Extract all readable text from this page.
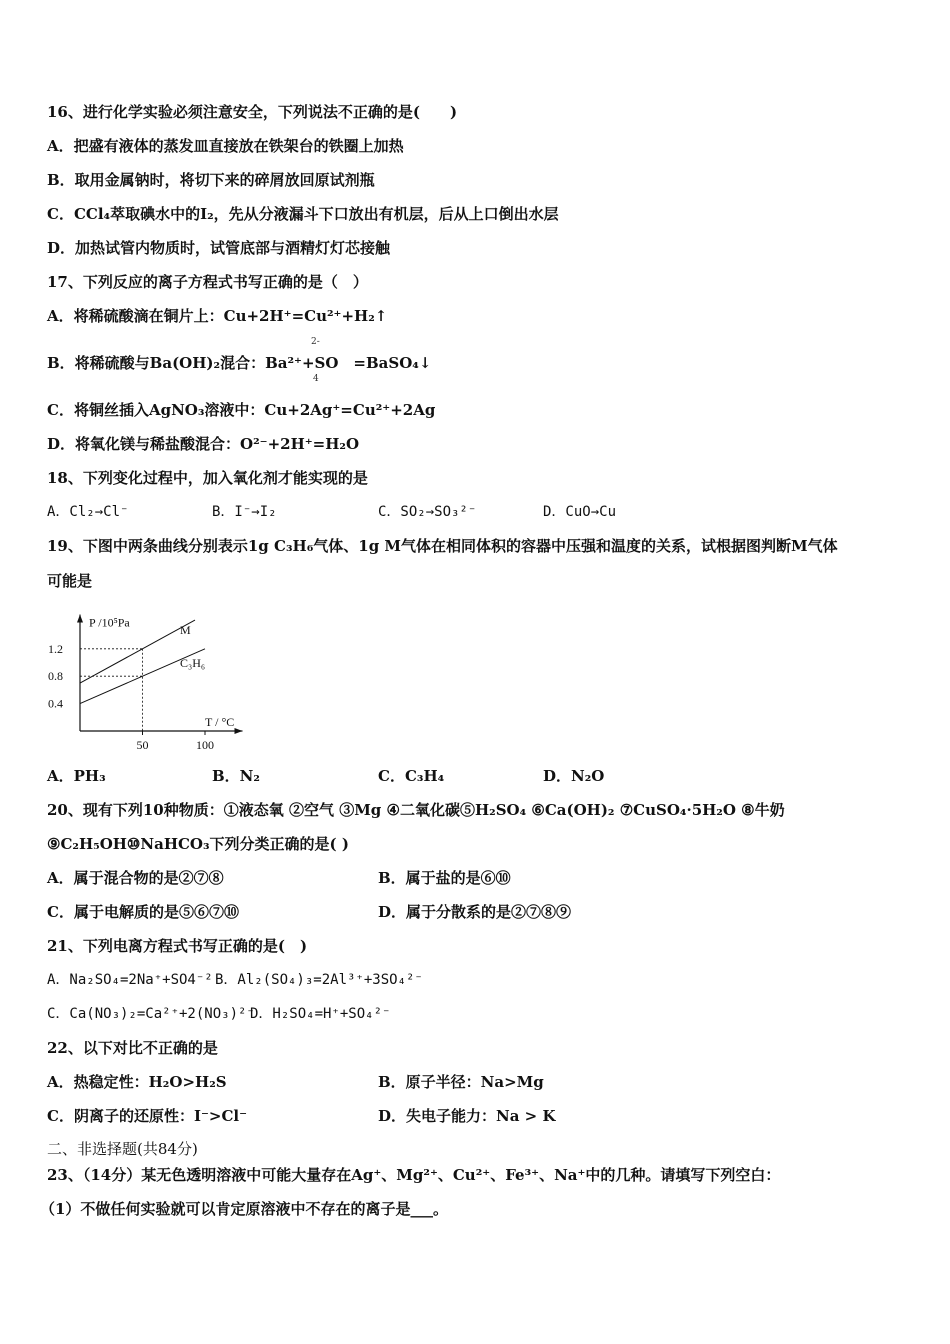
16、进行化学实验必须注意安全，下列说法不正确的是(　　)
A．把盛有液体的蒸发皿直接放在铁架台的铁圈上加热
B．取用金属钠时，将切下来的碎屑放回原试剂瓶
C．CCl₄萃取碘水中的I₂，先从分液漏斗下口放出有机层，后从上口倒出水层
D．加热试管内物质时，试管底部与酒精灯灯芯接触
17、下列反应的离子方程式书写正确的是（　）
A．将稀硫酸滴在铜片上：Cu+2H⁺=Cu²⁺+H₂↑
B．将稀硫酸与Ba(OH)₂混合：Ba²⁺+SO　=BaSO₄↓
2-
4
C．将铜丝插入AgNO₃溶液中：Cu+2Ag⁺=Cu²⁺+2Ag
D．将氧化镁与稀盐酸混合：O²⁻+2H⁺=H₂O
18、下列变化过程中，加入氧化剂才能实现的是
A．Cl₂→Cl⁻	B．I⁻→I₂	C．SO₂→SO₃²⁻	D．CuO→Cu
19、下图中两条曲线分别表示1g C₃H₆气体、1g M气体在相同体积的容器中压强和温度的关系，试根据图判断M气体
可能是
P /10⁵Pa
T / °C
0.4
0.8
1.2
50	100
M
C₃H₆
A．PH₃	B．N₂	C．C₃H₄	D．N₂O
20、现有下列10种物质：①液态氧 ②空气 ③Mg ④二氧化碳⑤H₂SO₄ ⑥Ca(OH)₂ ⑦CuSO₄·5H₂O ⑧牛奶
⑨C₂H₅OH⑩NaHCO₃下列分类正确的是( )
A．属于混合物的是②⑦⑧	B．属于盐的是⑥⑩
C．属于电解质的是⑤⑥⑦⑩	D．属于分散系的是②⑦⑧⑨
21、下列电离方程式书写正确的是(　)
A．Na₂SO₄=2Na⁺+SO4⁻² B．Al₂(SO₄)₃=2Al³⁺+3SO₄²⁻
C．Ca(NO₃)₂=Ca²⁺+2(NO₃)²⁻
D．H₂SO₄=H⁺+SO₄²⁻
22、以下对比不正确的是
A．热稳定性：H₂O>H₂S	B．原子半径：Na>Mg
C．阴离子的还原性：I⁻>Cl⁻	D．失电子能力：Na > K
二、非选择题(共84分)
23、（14分）某无色透明溶液中可能大量存在Ag⁺、Mg²⁺、Cu²⁺、Fe³⁺、Na⁺中的几种。请填写下列空白：
（1）不做任何实验就可以肯定原溶液中不存在的离子是___。
